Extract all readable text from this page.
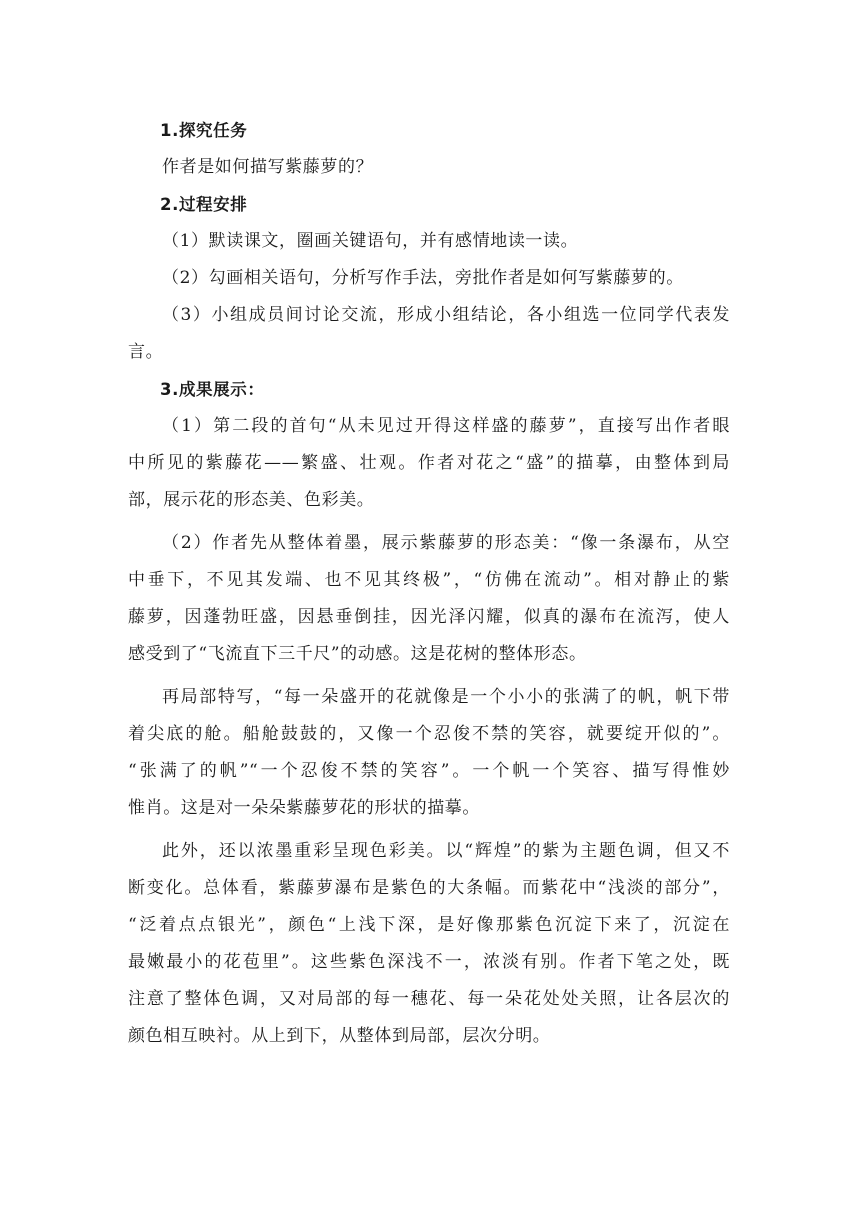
1.探究任务
作者是如何描写紫藤萝的？
2.过程安排
（1）默读课文，圈画关键语句，并有感情地读一读。
（2）勾画相关语句，分析写作手法，旁批作者是如何写紫藤萝的。
（3）小组成员间讨论交流，形成小组结论，各小组选一位同学代表发
言。
3.成果展示：
（1）第二段的首句“从未见过开得这样盛的藤萝”，直接写出作者眼
中所见的紫藤花——繁盛、壮观。作者对花之“盛”的描摹，由整体到局
部，展示花的形态美、色彩美。
（2）作者先从整体着墨，展示紫藤萝的形态美：“像一条瀑布，从空
中垂下，不见其发端、也不见其终极”，“仿佛在流动”。相对静止的紫
藤萝，因蓬勃旺盛，因悬垂倒挂，因光泽闪耀，似真的瀑布在流泻，使人
感受到了“飞流直下三千尺”的动感。这是花树的整体形态。
再局部特写，“每一朵盛开的花就像是一个小小的张满了的帆，帆下带
着尖底的舱。船舱鼓鼓的，又像一个忍俊不禁的笑容，就要绽开似的”。
“张满了的帆”“一个忍俊不禁的笑容”。一个帆一个笑容、描写得惟妙
惟肖。这是对一朵朵紫藤萝花的形状的描摹。
此外，还以浓墨重彩呈现色彩美。以“辉煌”的紫为主题色调，但又不
断变化。总体看，紫藤萝瀑布是紫色的大条幅。而紫花中“浅淡的部分”，
“泛着点点银光”，颜色“上浅下深，是好像那紫色沉淀下来了，沉淀在
最嫩最小的花苞里”。这些紫色深浅不一，浓淡有别。作者下笔之处，既
注意了整体色调，又对局部的每一穗花、每一朵花处处关照，让各层次的
颜色相互映衬。从上到下，从整体到局部，层次分明。
